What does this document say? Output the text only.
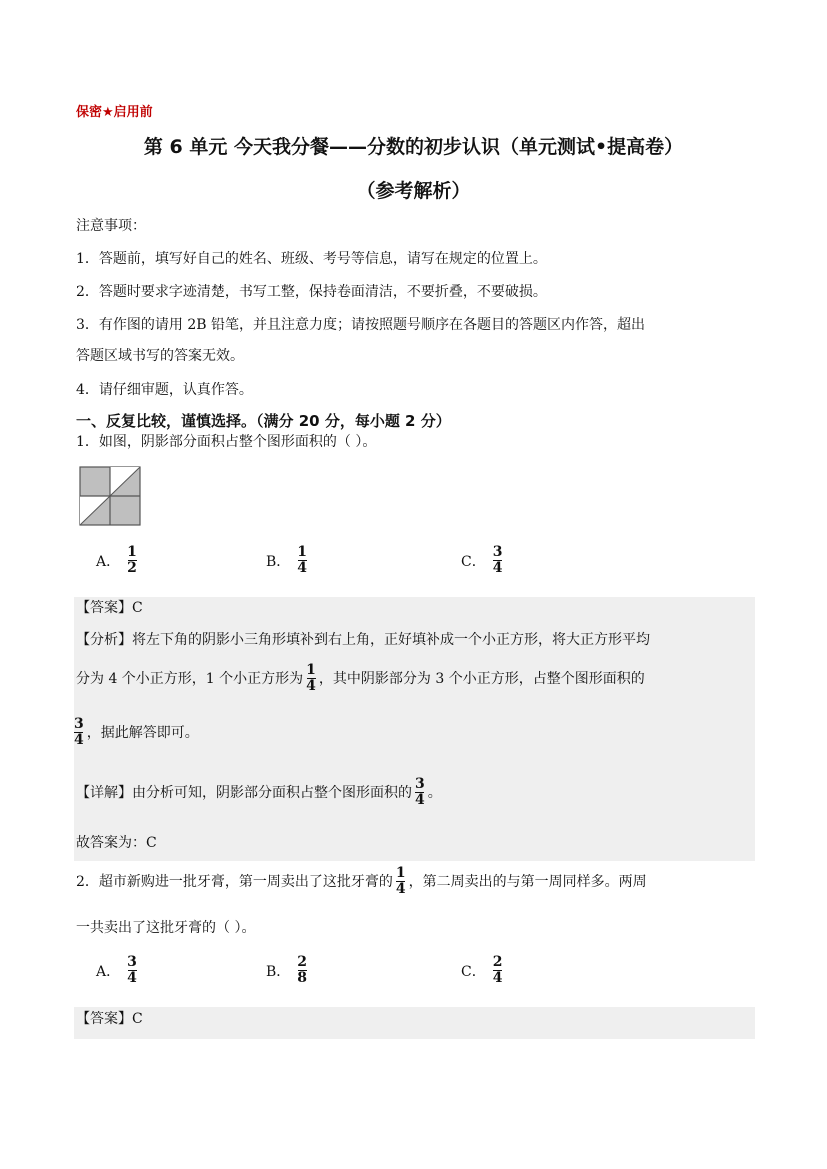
保密★启用前
第 6 单元 今天我分餐——分数的初步认识（单元测试•提高卷）
（参考解析）
注意事项：
1．答题前，填写好自己的姓名、班级、考号等信息，请写在规定的位置上。
2．答题时要求字迹清楚，书写工整，保持卷面清洁，不要折叠，不要破损。
3．有作图的请用 2B 铅笔，并且注意力度；请按照题号顺序在各题目的答题区内作答，超出
答题区域书写的答案无效。
4．请仔细审题，认真作答。
一、反复比较，谨慎选择。（满分 20 分，每小题 2 分）
1．如图，阴影部分面积占整个图形面积的（ ）。
A． $\frac{1}{2}$	B． $\frac{1}{4}$	C． $\frac{3}{4}$
【答案】C
【分析】将左下角的阴影小三角形填补到右上角，正好填补成一个小正方形，将大正方形平均
分为 4 个小正方形，1 个小正方形为 $\frac{1}{4}$ ，其中阴影部分为 3 个小正方形，占整个图形面积的
$\frac{3}{4}$ ，据此解答即可。
【详解】 由分析可知，阴影部分面积占整个图形面积的 $\frac{3}{4}$ 。
故答案为：C
2．超市新购进一批牙膏，第一周卖出了这批牙膏的 $\frac{1}{4}$ ，第二周卖出的与第一周同样多。两周
一共卖出了这批牙膏的（ ）。
A． $\frac{3}{4}$	B． $\frac{2}{8}$	C． $\frac{2}{4}$
【答案】C
